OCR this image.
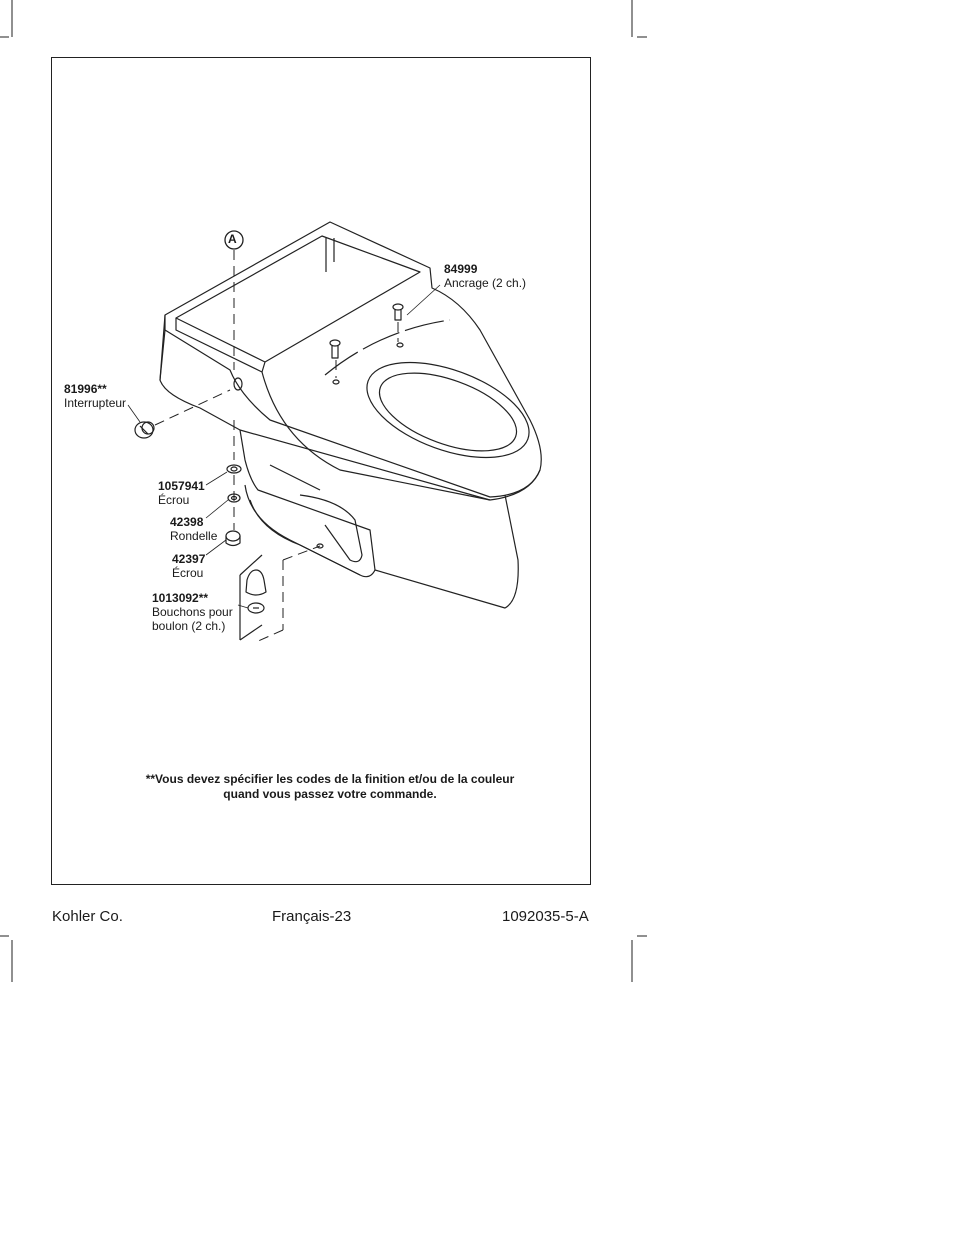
A
84999
Ancrage (2 ch.)
81996**
Interrupteur
1057941
Écrou
42398
Rondelle
42397
Écrou
1013092**
Bouchons pour
boulon (2 ch.)
**Vous devez spécifier les codes de la finition et/ou de la couleur
quand vous passez votre commande.
Kohler Co.	Français-23	1092035-5-A
